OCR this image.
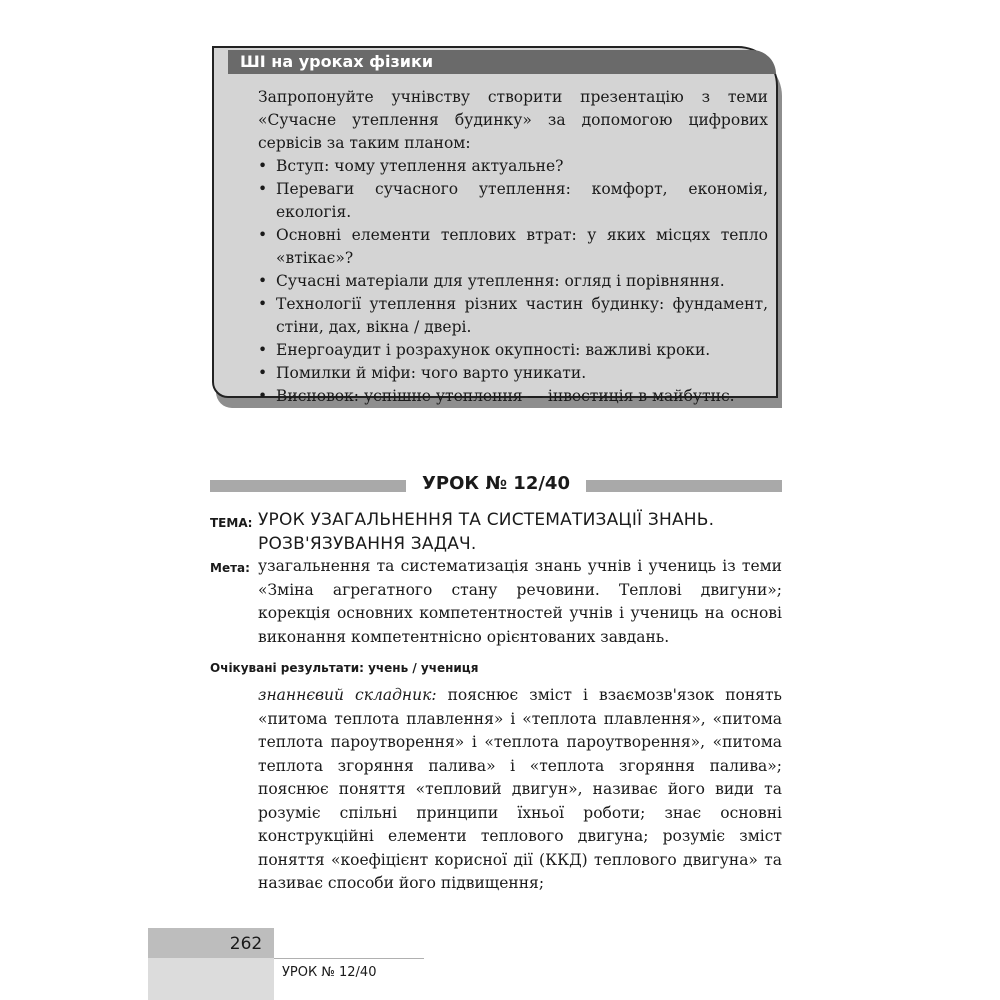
ШІ на уроках фізики

Запропонуйте учнівству створити презентацію з теми «Сучасне утеплення будинку» за допомогою цифрових сервісів за таким планом:

• Вступ: чому утеплення актуальне?
• Переваги сучасного утеплення: комфорт, економія, екологія.
• Основні елементи теплових втрат: у яких місцях тепло «втікає»?
• Сучасні матеріали для утеплення: огляд і порівняння.
• Технології утеплення різних частин будинку: фундамент, стіни, дах, вікна / двері.
• Енергоаудит і розрахунок окупності: важливі кроки.
• Помилки й міфи: чого варто уникати.
• Висновок: успішне утеплення — інвестиція в майбутнє.
УРОК № 12/40
ТЕМА: УРОК УЗАГАЛЬНЕННЯ ТА СИСТЕМАТИЗАЦІЇ ЗНАНЬ. РОЗВ'ЯЗУВАННЯ ЗАДАЧ.
Мета: узагальнення та систематизація знань учнів і учениць із теми «Зміна агрегатного стану речовини. Теплові двигуни»; корекція основних компетентностей учнів і учениць на основі виконання компетентнісно орієнтованих завдань.
Очікувані результати: учень / учениця
знаннєвий складник: пояснює зміст і взаємозв'язок понять «питома теплота плавлення» і «теплота плавлення», «питома теплота пароутворення» і «теплота пароутворення», «питома теплота згоряння палива» і «теплота згоряння палива»; пояснює поняття «тепловий двигун», називає його види та розуміє спільні принципи їхньої роботи; знає основні конструкційні елементи теплового двигуна; розуміє зміст поняття «коефіцієнт корисної дії (ККД) теплового двигуна» та називає способи його підвищення;
262
УРОК № 12/40
